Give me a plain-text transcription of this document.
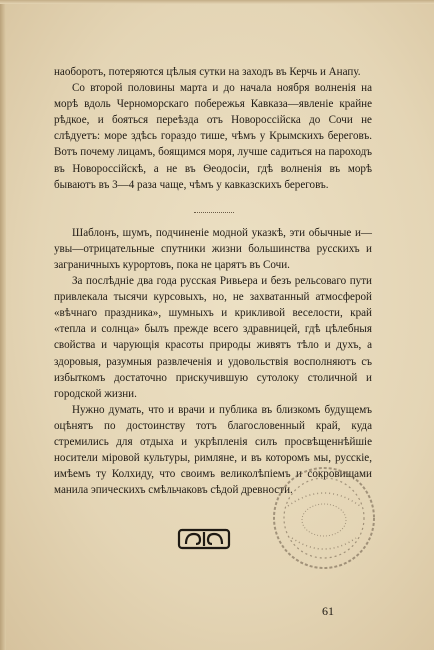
наоборотъ, потеряются цѣлыя сутки на заходъ въ Керчь и Анапу.

Со второй половины марта и до начала ноября волненія на морѣ вдоль Черноморскаго побережья Кавказа—явленіе крайне рѣдкое, и бояться переѣзда отъ Новороссійска до Сочи не слѣдуетъ: море здѣсь гораздо тише, чѣмъ у Крымскихъ береговъ. Вотъ почему лицамъ, боящимся моря, лучше садиться на пароходъ въ Новороссійскѣ, а не въ Ѳеодосіи, гдѣ волненія въ морѣ бываютъ въ 3—4 раза чаще, чѣмъ у кавказскихъ береговъ.

Шаблонъ, шумъ, подчиненіе модной указкѣ, эти обычные и—увы—отрицательные спутники жизни большинства русскихъ и заграничныхъ курортовъ, пока не царятъ въ Сочи.

За послѣдніе два года русская Ривьера и безъ рельсоваго пути привлекала тысячи курсовыхъ, но, не захватанный атмосферой «вѣчнаго праздника», шумныхъ и крикливой веселости, край «тепла и солнца» былъ прежде всего здравницей, гдѣ цѣлебныя свойства и чарующія красоты природы живятъ тѣло и духъ, а здоровыя, разумныя развлеченія и удовольствія восполняютъ съ избыткомъ достаточно прискучившую сутолоку столичной и городской жизни.

Нужно думать, что и врачи и публика въ близкомъ будущемъ оцѣнятъ по достоинству тотъ благословенный край, куда стремились для отдыха и укрѣпленія силъ просвѣщеннѣйшіе носители міровой культуры, римляне, и въ которомъ мы, русскіе, имѣемъ ту Колхиду, что своимъ великолѣпіемъ и сокровищами манила эпическихъ смѣльчаковъ сѣдой древности.

61
